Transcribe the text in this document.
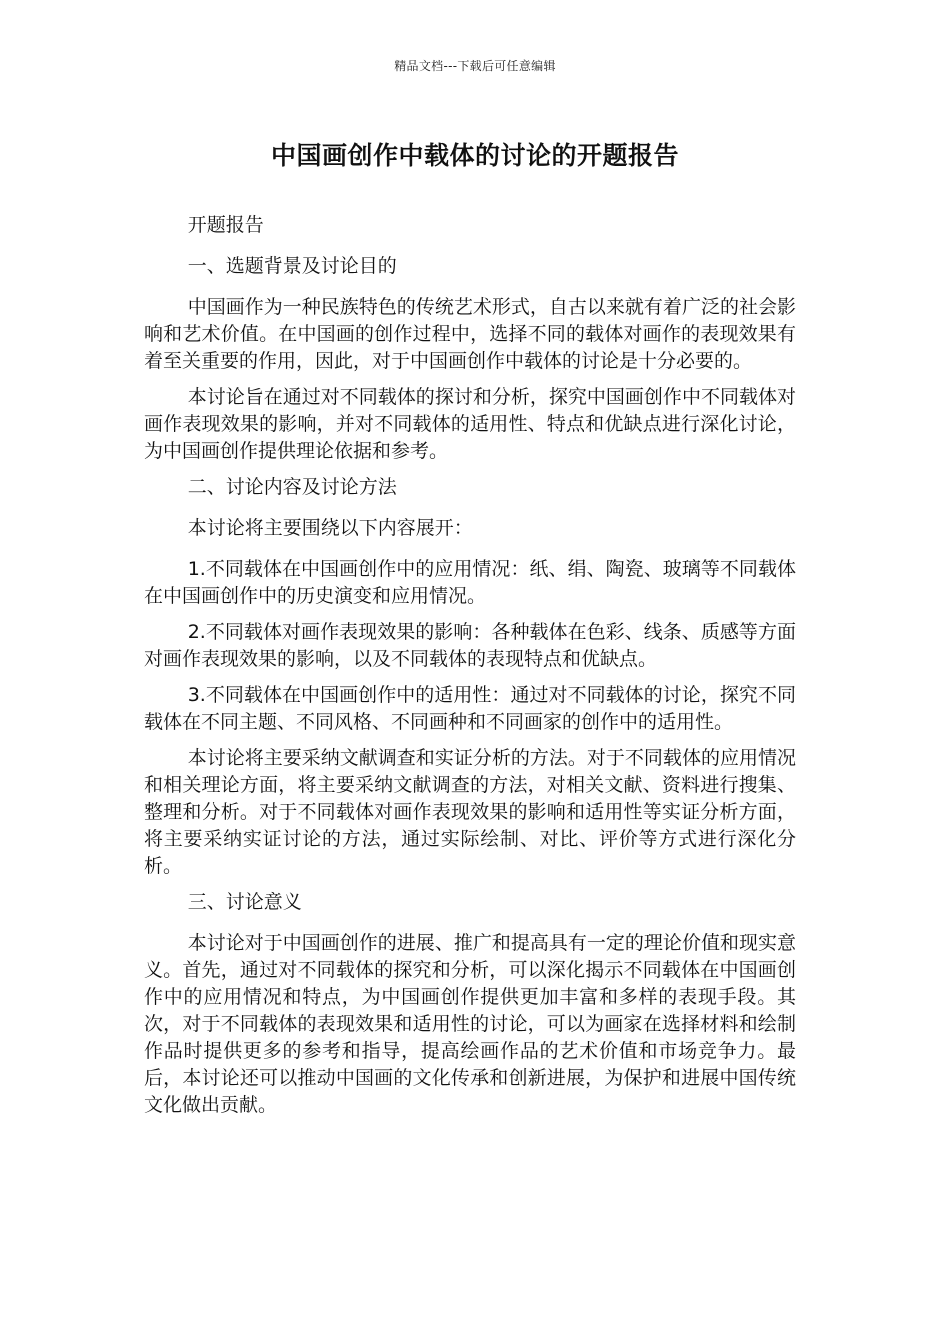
精品文档---下载后可任意编辑
中国画创作中载体的讨论的开题报告

开题报告

一、选题背景及讨论目的

中国画作为一种民族特色的传统艺术形式，自古以来就有着广泛的社会影响和艺术价值。在中国画的创作过程中，选择不同的载体对画作的表现效果有着至关重要的作用，因此，对于中国画创作中载体的讨论是十分必要的。

本讨论旨在通过对不同载体的探讨和分析，探究中国画创作中不同载体对画作表现效果的影响，并对不同载体的适用性、特点和优缺点进行深化讨论，为中国画创作提供理论依据和参考。

二、讨论内容及讨论方法

本讨论将主要围绕以下内容展开：

1.不同载体在中国画创作中的应用情况：纸、绢、陶瓷、玻璃等不同载体在中国画创作中的历史演变和应用情况。

2.不同载体对画作表现效果的影响：各种载体在色彩、线条、质感等方面对画作表现效果的影响，以及不同载体的表现特点和优缺点。

3.不同载体在中国画创作中的适用性：通过对不同载体的讨论，探究不同载体在不同主题、不同风格、不同画种和不同画家的创作中的适用性。

本讨论将主要采纳文献调查和实证分析的方法。对于不同载体的应用情况和相关理论方面，将主要采纳文献调查的方法，对相关文献、资料进行搜集、整理和分析。对于不同载体对画作表现效果的影响和适用性等实证分析方面，将主要采纳实证讨论的方法，通过实际绘制、对比、评价等方式进行深化分析。

三、讨论意义

本讨论对于中国画创作的进展、推广和提高具有一定的理论价值和现实意义。首先，通过对不同载体的探究和分析，可以深化揭示不同载体在中国画创作中的应用情况和特点，为中国画创作提供更加丰富和多样的表现手段。其次，对于不同载体的表现效果和适用性的讨论，可以为画家在选择材料和绘制作品时提供更多的参考和指导，提高绘画作品的艺术价值和市场竞争力。最后，本讨论还可以推动中国画的文化传承和创新进展，为保护和进展中国传统文化做出贡献。
